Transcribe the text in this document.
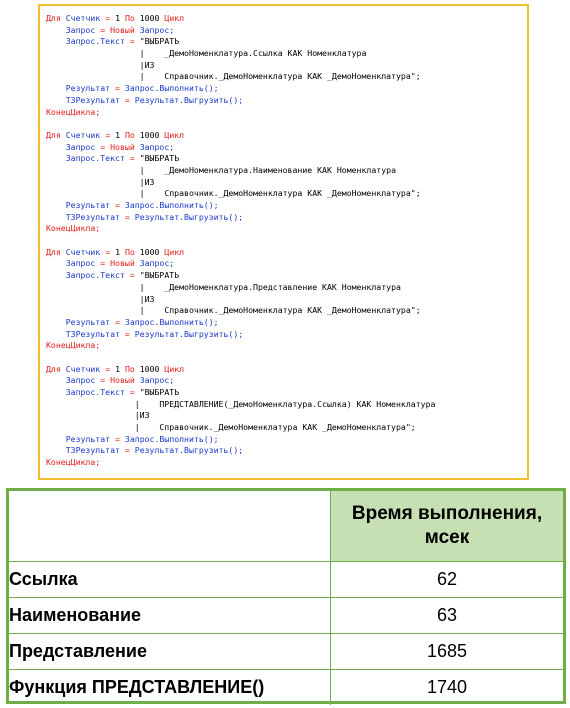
Для Счетчик = 1 По 1000 Цикл
Запрос = Новый Запрос;
Запрос.Текст = "ВЫБРАТЬ
|    _ДемоНоменклатура.Ссылка КАК Номенклатура
|ИЗ
|    Справочник._ДемоНоменклатура КАК _ДемоНоменклатура";
Результат = Запрос.Выполнить();
ТЗРезультат = Результат.Выгрузить();
КонецЦикла;
Для Счетчик = 1 По 1000 Цикл
Запрос = Новый Запрос;
Запрос.Текст = "ВЫБРАТЬ
|    _ДемоНоменклатура.Наименование КАК Номенклатура
|ИЗ
|    Справочник._ДемоНоменклатура КАК _ДемоНоменклатура";
Результат = Запрос.Выполнить();
ТЗРезультат = Результат.Выгрузить();
КонецЦикла;
Для Счетчик = 1 По 1000 Цикл
Запрос = Новый Запрос;
Запрос.Текст = "ВЫБРАТЬ
|    _ДемоНоменклатура.Представление КАК Номенклатура
|ИЗ
|    Справочник._ДемоНоменклатура КАК _ДемоНоменклатура";
Результат = Запрос.Выполнить();
ТЗРезультат = Результат.Выгрузить();
КонецЦикла;
Для Счетчик = 1 По 1000 Цикл
Запрос = Новый Запрос;
Запрос.Текст = "ВЫБРАТЬ
|    ПРЕДСТАВЛЕНИЕ(_ДемоНоменклатура.Ссылка) КАК Номенклатура
|ИЗ
|    Справочник._ДемоНоменклатура КАК _ДемоНоменклатура";
Результат = Запрос.Выполнить();
ТЗРезультат = Результат.Выгрузить();
КонецЦикла;
	Время выполнения, мсек
Ссылка	62
Наименование	63
Представление	1685
Функция ПРЕДСТАВЛЕНИЕ()	1740
